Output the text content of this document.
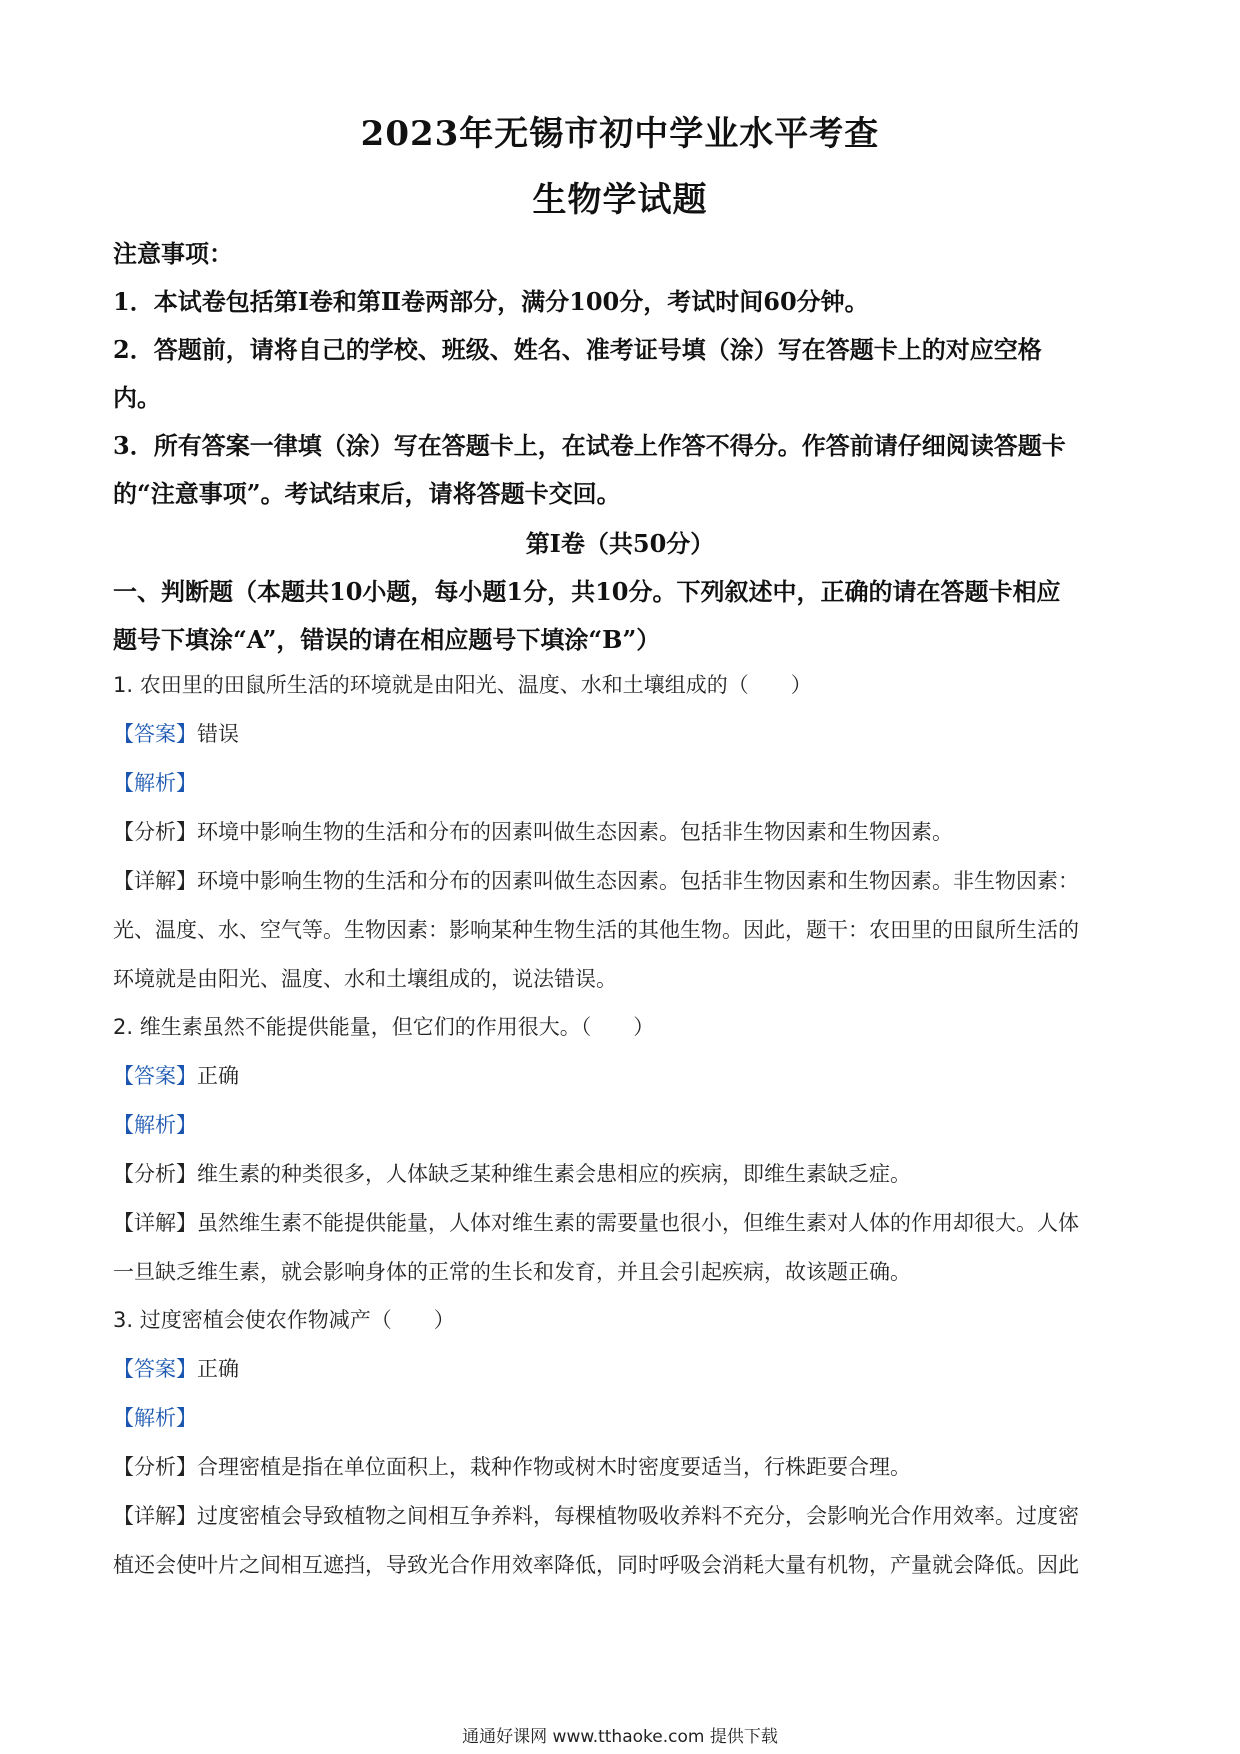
2023年无锡市初中学业水平考查
生物学试题
注意事项：
1．本试卷包括第Ⅰ卷和第Ⅱ卷两部分，满分100分，考试时间60分钟。
2．答题前，请将自己的学校、班级、姓名、准考证号填（涂）写在答题卡上的对应空格
内。
3．所有答案一律填（涂）写在答题卡上，在试卷上作答不得分。作答前请仔细阅读答题卡
的“注意事项”。考试结束后，请将答题卡交回。
第Ⅰ卷（共50分）
一、判断题（本题共10小题，每小题1分，共10分。下列叙述中，正确的请在答题卡相应
题号下填涂“A”，错误的请在相应题号下填涂“B”）
1. 农田里的田鼠所生活的环境就是由阳光、温度、水和土壤组成的（　　）
【答案】错误
【解析】
【分析】环境中影响生物的生活和分布的因素叫做生态因素。包括非生物因素和生物因素。
【详解】环境中影响生物的生活和分布的因素叫做生态因素。包括非生物因素和生物因素。非生物因素：
光、温度、水、空气等。生物因素：影响某种生物生活的其他生物。因此，题干：农田里的田鼠所生活的
环境就是由阳光、温度、水和土壤组成的，说法错误。
2. 维生素虽然不能提供能量，但它们的作用很大。（　　）
【答案】正确
【解析】
【分析】维生素的种类很多，人体缺乏某种维生素会患相应的疾病，即维生素缺乏症。
【详解】虽然维生素不能提供能量，人体对维生素的需要量也很小，但维生素对人体的作用却很大。人体
一旦缺乏维生素，就会影响身体的正常的生长和发育，并且会引起疾病，故该题正确。
3. 过度密植会使农作物减产（　　）
【答案】正确
【解析】
【分析】合理密植是指在单位面积上，栽种作物或树木时密度要适当，行株距要合理。
【详解】过度密植会导致植物之间相互争养料，每棵植物吸收养料不充分，会影响光合作用效率。过度密
植还会使叶片之间相互遮挡，导致光合作用效率降低，同时呼吸会消耗大量有机物，产量就会降低。因此
通通好课网 www.tthaoke.com 提供下载
